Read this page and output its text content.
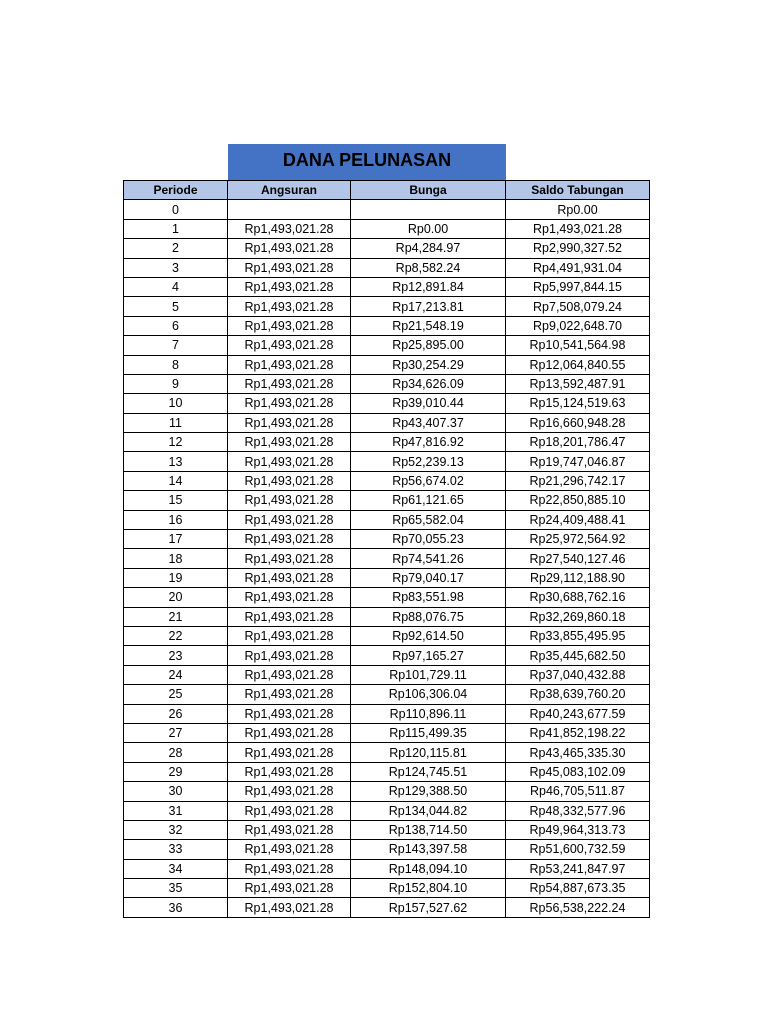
DANA PELUNASAN
Periode	Angsuran	Bunga	Saldo Tabungan
0			Rp0.00
1	Rp1,493,021.28	Rp0.00	Rp1,493,021.28
2	Rp1,493,021.28	Rp4,284.97	Rp2,990,327.52
3	Rp1,493,021.28	Rp8,582.24	Rp4,491,931.04
4	Rp1,493,021.28	Rp12,891.84	Rp5,997,844.15
5	Rp1,493,021.28	Rp17,213.81	Rp7,508,079.24
6	Rp1,493,021.28	Rp21,548.19	Rp9,022,648.70
7	Rp1,493,021.28	Rp25,895.00	Rp10,541,564.98
8	Rp1,493,021.28	Rp30,254.29	Rp12,064,840.55
9	Rp1,493,021.28	Rp34,626.09	Rp13,592,487.91
10	Rp1,493,021.28	Rp39,010.44	Rp15,124,519.63
11	Rp1,493,021.28	Rp43,407.37	Rp16,660,948.28
12	Rp1,493,021.28	Rp47,816.92	Rp18,201,786.47
13	Rp1,493,021.28	Rp52,239.13	Rp19,747,046.87
14	Rp1,493,021.28	Rp56,674.02	Rp21,296,742.17
15	Rp1,493,021.28	Rp61,121.65	Rp22,850,885.10
16	Rp1,493,021.28	Rp65,582.04	Rp24,409,488.41
17	Rp1,493,021.28	Rp70,055.23	Rp25,972,564.92
18	Rp1,493,021.28	Rp74,541.26	Rp27,540,127.46
19	Rp1,493,021.28	Rp79,040.17	Rp29,112,188.90
20	Rp1,493,021.28	Rp83,551.98	Rp30,688,762.16
21	Rp1,493,021.28	Rp88,076.75	Rp32,269,860.18
22	Rp1,493,021.28	Rp92,614.50	Rp33,855,495.95
23	Rp1,493,021.28	Rp97,165.27	Rp35,445,682.50
24	Rp1,493,021.28	Rp101,729.11	Rp37,040,432.88
25	Rp1,493,021.28	Rp106,306.04	Rp38,639,760.20
26	Rp1,493,021.28	Rp110,896.11	Rp40,243,677.59
27	Rp1,493,021.28	Rp115,499.35	Rp41,852,198.22
28	Rp1,493,021.28	Rp120,115.81	Rp43,465,335.30
29	Rp1,493,021.28	Rp124,745.51	Rp45,083,102.09
30	Rp1,493,021.28	Rp129,388.50	Rp46,705,511.87
31	Rp1,493,021.28	Rp134,044.82	Rp48,332,577.96
32	Rp1,493,021.28	Rp138,714.50	Rp49,964,313.73
33	Rp1,493,021.28	Rp143,397.58	Rp51,600,732.59
34	Rp1,493,021.28	Rp148,094.10	Rp53,241,847.97
35	Rp1,493,021.28	Rp152,804.10	Rp54,887,673.35
36	Rp1,493,021.28	Rp157,527.62	Rp56,538,222.24
